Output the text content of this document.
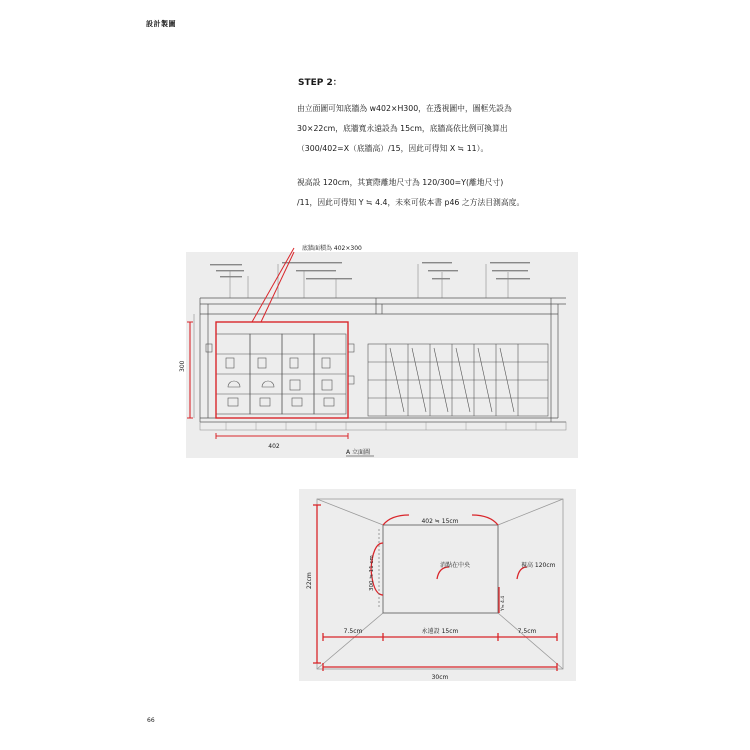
設計製圖
STEP 2：
由立面圖可知底牆為 w402×H300，在透視圖中，圖框先設為
30×22cm，底牆寬永遠設為 15cm，底牆高依比例可換算出
（300/402=X（底牆高）/15，因此可得知 X ≒ 11）。
視高設 120cm，其實際離地尺寸為 120/300=Y(離地尺寸)
/11，因此可得知 Y ≒ 4.4，未來可依本書 p46 之方法目測高度。
底牆面積為 402×300
300
402
A 立面圖
402 ≒ 15cm
消點在中央	視高 120cm
300 ≒ 11 cm
Y≒ 4.4
22cm
7.5cm	永遠設 15cm	7.5cm
30cm
66
